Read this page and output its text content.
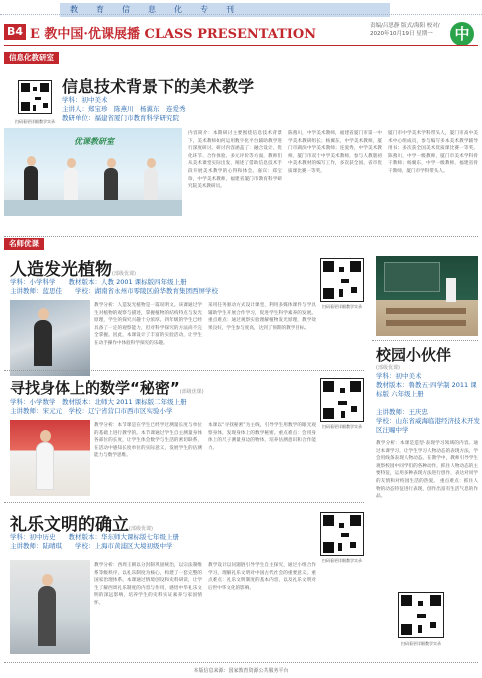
教育信息化专刊
B4 E 教中国·优课展播 CLASS PRESENTATION
责编/吕思静 版式/海阳 校对/
2020年10月19日 星期一	中
信息化教研室
扫码看更详细教学实录
信息技术背景下的美术教学
学科：初中美术
主讲人：郑宝珍　陈燕川　杨翼东　连爱秀
教研单位：福建省厦门市教育科学研究院
优课教研室
内容简介：本期研讨主要围绕信息技术背景下，美术教师如何运用数字化平台辅助教学进行深度研讨。研讨内容涵盖了：融合设计、优化环节、合作体验、多元评价等方面，教师们从美术课堂实际出发，阐述了借助信息技术手段开展美术教学的心得和体会。嘉宾：郑宝珍，中学美术教师，福建省厦门市教育科学研究院美术教研员。
陈燕川，中学美术教师，福建省厦门市第一中学美术教研组长；杨翼东，中学美术教师，厦门市湖滨中学美术教师；连爱秀，中学美术教师，厦门市双十中学美术教师，参与人教版初中美术教材的编写工作，多次获全国、省市优质课比赛一等奖。
厦门市中学美术学科带头人，厦门市高中美术中心组成员，参与编写多本美术教学辅导用书；多次获全国美术优质课比赛一等奖。陈燕川，中学一级教师，厦门市美术学科骨干教师；杨翼东，中学一级教师，福建省骨干教师，厦门市学科带头人。
名师优课
人造发光植物(部级优课)
学科：小学科学　　 教材版本：人教 2001 课标版四年级上册
主讲教师：蓝思佳　　 学校：湖南省永州市零陵区蔚华教育集团西屏学校
扫码看更详细教学实录
教学分析：人造发光植物是一篇说明文。该课通过学生对植物的观察与描述，掌握植物的结构特点与发光原理，学生的探究兴趣十分浓厚。四年级的学生已经具备了一定的观察能力，但对科学探究的方法尚不完全掌握。因此，本课设计了丰富的实验活动，让学生在动手操作中体验科学探究的乐趣。
采用任务驱动方式设计课堂，利用多媒体课件与学具辅助学生开展合作学习，促进学生科学素养的发展。重点难点：通过观察实验理解植物发光原理，教学效果良好，学生参与度高，达到了预期的教学目标。
寻找身体上的数学“秘密”(部级优课)
学科：小学数学　 教材版本：北师大 2011 课标版二年级上册
主讲教师：宋元元　 学校：辽宁省营口市西市区实验小学
扫码看更详细教学实录
教学分析：本节课是在学生已经学过测量长度与单位的基础上进行教学的。本节课通过学生自主测量身体各部位的长度，让学生体会数学与生活的密切联系，在活动中感知长度单位的实际意义，发展学生的估测能力与数学思维。
本课以“寻找秘密”为主线，引导学生用数学的眼光观察身体，发现身体上的数学秘密。重点难点：会用身体上的尺子测量身边的物体，培养估测意识和合作能力。
礼乐文明的确立(部级优课)
学科：初中历史　　 教材版本：华东师大课标版七年级上册
主讲教师：陆晴琪　　 学校：上海市黄浦区大境初级中学
扫码看更详细教学实录
教学分析：西周王朝以分封制巩固统治，以宗法制维系等级秩序，以礼乐制度为核心，构建了一套完整的国家治理体系。本课通过情境创设和史料研读，让学生了解西周礼乐制度的内容与作用，感悟中华礼乐文明的深远影响，培养学生的史料实证素养与家国情怀。
教学设计以问题链引导学生自主探究，通过小组合作学习，理解礼乐文明对中国古代社会的重要意义。重点难点：礼乐文明制度的基本内容，以及礼乐文明对后世中华文化的影响。
校园小伙伴
(部级优课)
学科：初中美术
教材版本：鲁教五·四学制 2011 课标版 六年级上册
主讲教师：王庆忠
学校：山东省威海临港经济技术开发区汪疃中学
教学分析：本课是造型·表现学习领域的内容。通过本课学习，让学生学习人物动态的表现方法，学会用线条表现人物动态。在教学中，教师引导学生观察校园中同学们的各种动作，抓住人物动态的主要特征，运用多种表现方法进行创作，表达对同学的友情和对校园生活的热爱。 重点难点：抓住人物的动态特征进行表现，创作出富有生活气息的作品。
扫码看更详细教学实录
本版信息来源：国家教育资源公共服务平台
